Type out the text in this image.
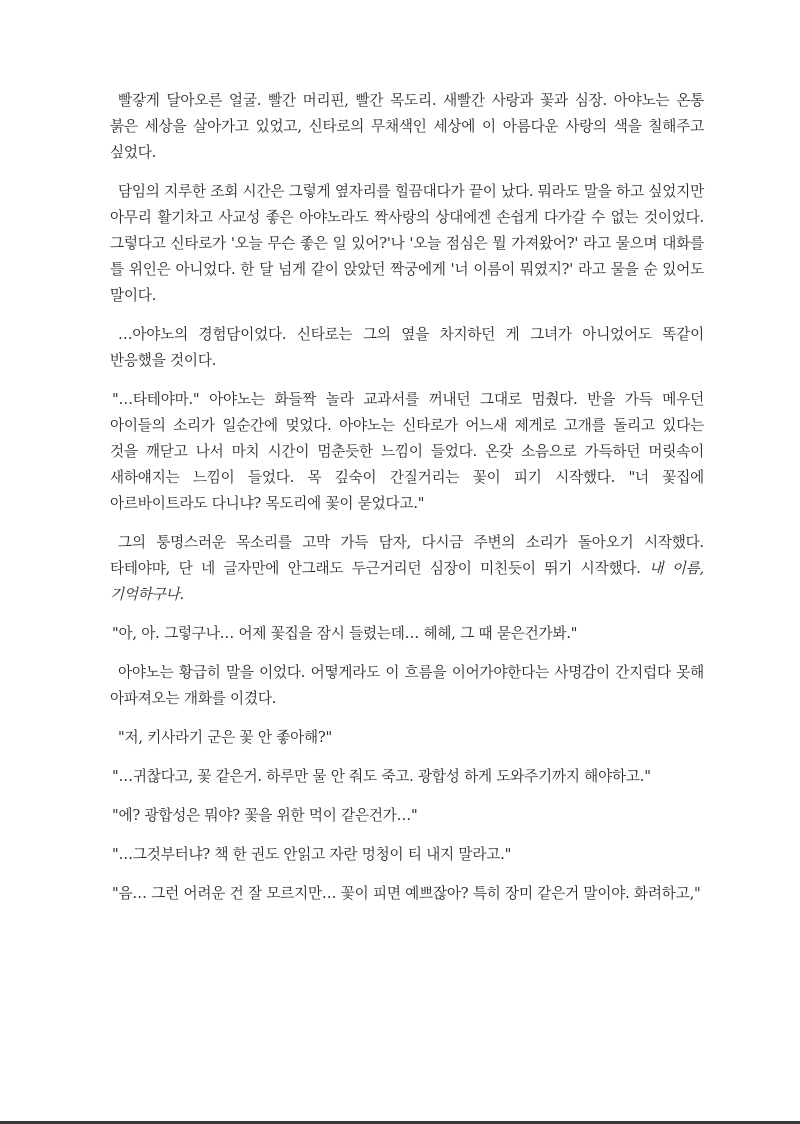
빨갛게 달아오른 얼굴. 빨간 머리핀, 빨간 목도리. 새빨간 사랑과 꽃과 심장. 아야노는 온통 붉은 세상을 살아가고 있었고, 신타로의 무채색인 세상에 이 아름다운 사랑의 색을 칠해주고 싶었다.

담임의 지루한 조회 시간은 그렇게 옆자리를 힐끔대다가 끝이 났다. 뭐라도 말을 하고 싶었지만 아무리 활기차고 사교성 좋은 아야노라도 짝사랑의 상대에겐 손쉽게 다가갈 수 없는 것이었다. 그렇다고 신타로가 '오늘 무슨 좋은 일 있어?'나 '오늘 점심은 뭘 가져왔어?' 라고 물으며 대화를 틀 위인은 아니었다. 한 달 넘게 같이 앉았던 짝궁에게 '너 이름이 뭐였지?' 라고 물을 순 있어도 말이다.

…아야노의 경험담이었다. 신타로는 그의 옆을 차지하던 게 그녀가 아니었어도 똑같이 반응했을 것이다.

"…타테야마." 아야노는 화들짝 놀라 교과서를 꺼내던 그대로 멈췄다. 반을 가득 메우던 아이들의 소리가 일순간에 멎었다. 아야노는 신타로가 어느새 제게로 고개를 돌리고 있다는 것을 깨닫고 나서 마치 시간이 멈춘듯한 느낌이 들었다. 온갖 소음으로 가득하던 머릿속이 새하얘지는 느낌이 들었다. 목 깊숙이 간질거리는 꽃이 피기 시작했다. "너 꽃집에 아르바이트라도 다니냐? 목도리에 꽃이 묻었다고."

그의 퉁명스러운 목소리를 고막 가득 담자, 다시금 주변의 소리가 돌아오기 시작했다. 타테야먀, 단 네 글자만에 안그래도 두근거리던 심장이 미친듯이 뛰기 시작했다. 내 이름, 기억하구나.

"아, 아. 그렇구나… 어제 꽃집을 잠시 들렸는데… 헤헤, 그 때 묻은건가봐."

아야노는 황급히 말을 이었다. 어떻게라도 이 흐름을 이어가야한다는 사명감이 간지럽다 못해 아파져오는 개화를 이겼다.

"저, 키사라기 군은 꽃 안 좋아해?"

"…귀찮다고, 꽃 같은거. 하루만 물 안 줘도 죽고. 광합성 하게 도와주기까지 해야하고."

"에? 광합성은 뭐야? 꽃을 위한 먹이 같은건가…"

"…그것부터냐? 책 한 권도 안읽고 자란 멍청이 티 내지 말라고."

"음… 그런 어려운 건 잘 모르지만… 꽃이 피면 예쁘잖아? 특히 장미 같은거 말이야. 화려하고,"
